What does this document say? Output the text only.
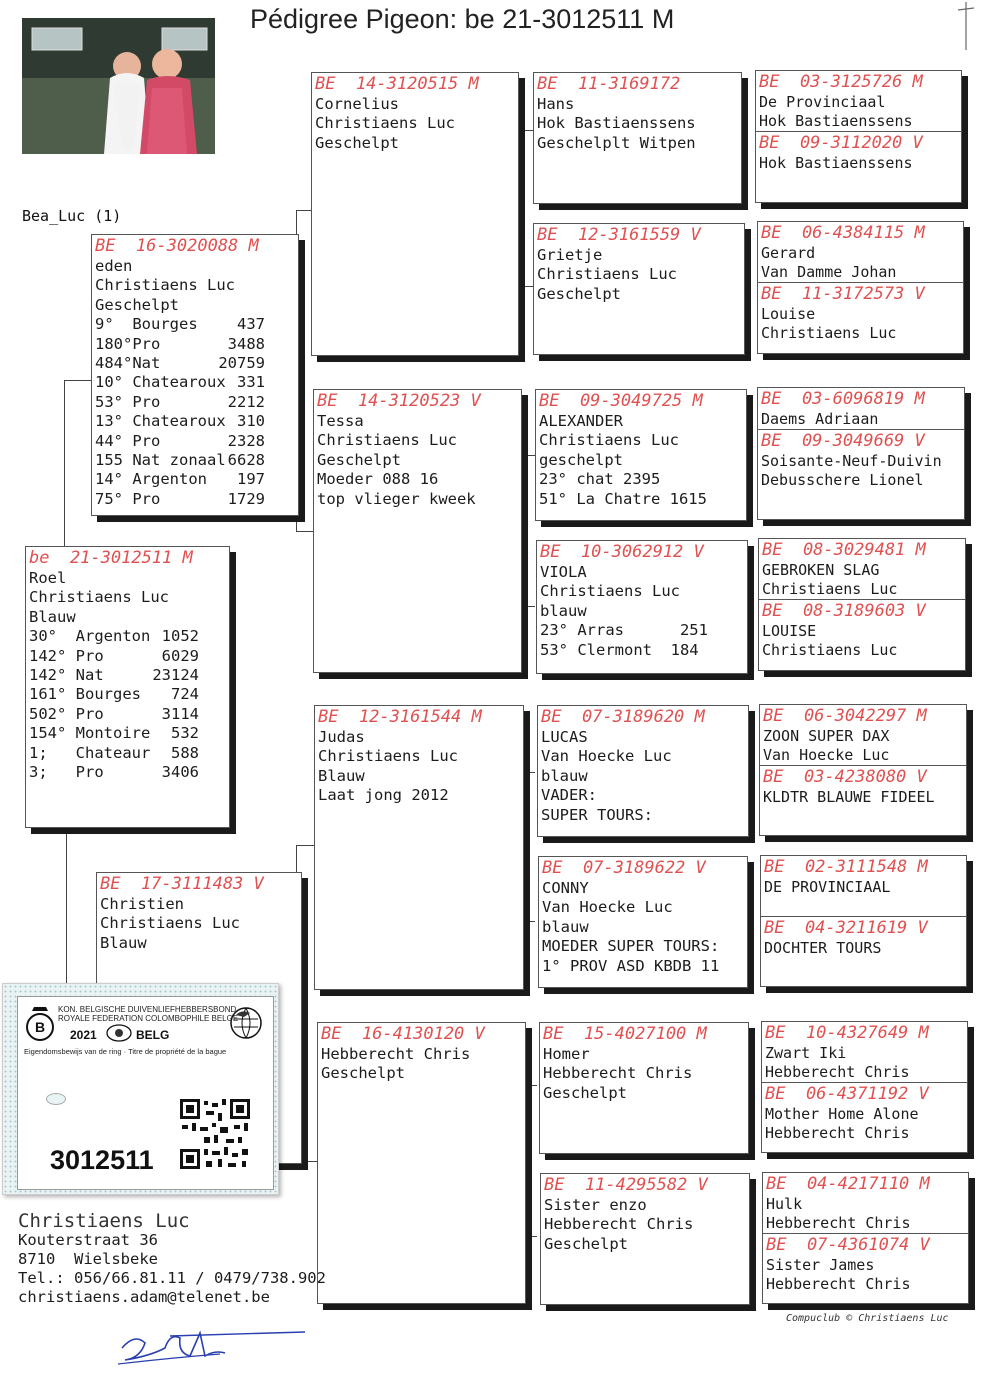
Pédigree Pigeon: be 21-3012511 M
Bea_Luc (1)
be  21-3012511 M
Roel
Christiaens Luc
Blauw
30°  Argenton 1052
142° Pro	6029
142° Nat	23124
161° Bourges	724
502° Pro	3114
154° Montoire	532
1;   Chateaur	588
3;   Pro	3406
BE  16-3020088 M
eden
Christiaens Luc
Geschelpt
9°  Bourges	437
180°Pro	3488
484°Nat	20759
10° Chatearoux 331
53° Pro	2212
13° Chatearoux 310
44° Pro	2328
155 Nat zonaal 6628
14° Argenton	197
75° Pro	1729
BE  17-3111483 V
Christien
Christiaens Luc
Blauw
BE  14-3120515 M
Cornelius
Christiaens Luc
Geschelpt
BE  14-3120523 V
Tessa
Christiaens Luc
Geschelpt
Moeder 088 16
top vlieger kweek
BE  12-3161544 M
Judas
Christiaens Luc
Blauw
Laat jong 2012
BE  16-4130120 V
Hebberecht Chris
Geschelpt
BE  11-3169172
Hans
Hok Bastiaenssens
Geschelplt Witpen
BE  12-3161559 V
Grietje
Christiaens Luc
Geschelpt
BE  09-3049725 M
ALEXANDER
Christiaens Luc
geschelpt
23° chat 2395
51° La Chatre 1615
BE  10-3062912 V
VIOLA
Christiaens Luc
blauw
23° Arras      251
53° Clermont  184
BE  07-3189620 M
LUCAS
Van Hoecke Luc
blauw
VADER:
SUPER TOURS:
BE  07-3189622 V
CONNY
Van Hoecke Luc
blauw
MOEDER SUPER TOURS:
1° PROV ASD KBDB 11
BE  15-4027100 M
Homer
Hebberecht Chris
Geschelpt
BE  11-4295582 V
Sister enzo
Hebberecht Chris
Geschelpt
BE  03-3125726 M
De Provinciaal
Hok Bastiaenssens
BE  09-3112020 V
Hok Bastiaenssens
BE  06-4384115 M
Gerard
Van Damme Johan
BE  11-3172573 V
Louise
Christiaens Luc
BE  03-6096819 M
Daems Adriaan
BE  09-3049669 V
Soisante-Neuf-Duivin
Debusschere Lionel
BE  08-3029481 M
GEBROKEN SLAG
Christiaens Luc
BE  08-3189603 V
LOUISE
Christiaens Luc
BE  06-3042297 M
ZOON SUPER DAX
Van Hoecke Luc
BE  03-4238080 V
KLDTR BLAUWE FIDEEL
BE  02-3111548 M
DE PROVINCIAAL
BE  04-3211619 V
DOCHTER TOURS
BE  10-4327649 M
Zwart Iki
Hebberecht Chris
BE  06-4371192 V
Mother Home Alone
Hebberecht Chris
BE  04-4217110 M
Hulk
Hebberecht Chris
BE  07-4361074 V
Sister James
Hebberecht Chris
Christiaens Luc
Kouterstraat 36
8710  Wielsbeke
Tel.: 056/66.81.11 / 0479/738.902
christiaens.adam@telenet.be
Compuclub © Christiaens Luc
B
KON. BELGISCHE DUIVENLIEFHEBBERSBOND
ROYALE FEDERATION COLOMBOPHILE BELGE
2021	BELG
Eigendomsbewijs van de ring · Titre de propriété de la bague
3012511
